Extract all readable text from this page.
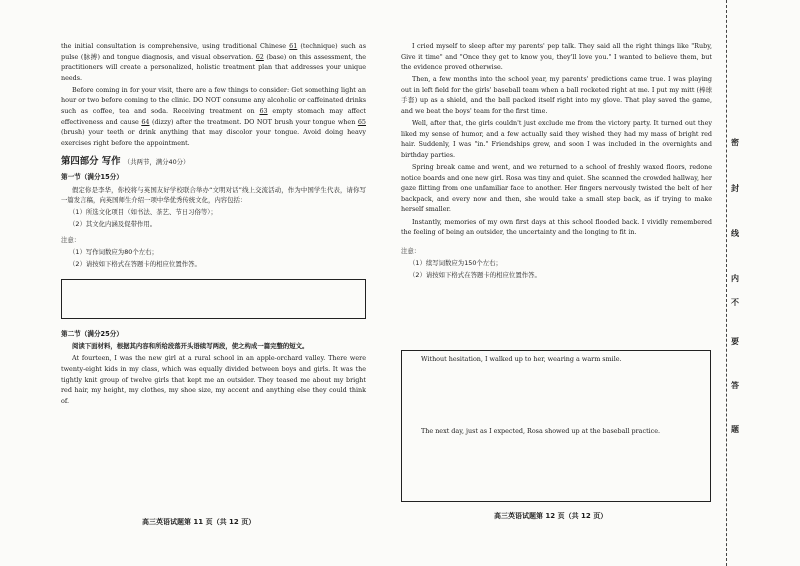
the initial consultation is comprehensive, using traditional Chinese 61 (technique) such as pulse (脉搏) and tongue diagnosis, and visual observation. 62 (base) on this assessment, the practitioners will create a personalized, holistic treatment plan that addresses your unique needs.

Before coming in for your visit, there are a few things to consider: Get something light an hour or two before coming to the clinic. DO NOT consume any alcoholic or caffeinated drinks such as coffee, tea and soda. Receiving treatment on 63 empty stomach may affect effectiveness and cause 64 (dizzy) after the treatment. DO NOT brush your tongue when 65 (brush) your teeth or drink anything that may discolor your tongue. Avoid doing heavy exercises right before the appointment.

第四部分 写作 （共两节，满分40分）

第一节（满分15分）

假定你是李华，你校将与英国友好学校联合举办“文明对话”线上交流活动，作为中国学生代表，请你写一篇发言稿，向英国师生介绍一项中华优秀传统文化，内容包括：

（1）所选文化项目（如书法、茶艺、节日习俗等）；

（2）其文化内涵及促带作用。

注意：

（1）写作词数应为80个左右；

（2）请按如下格式在答题卡的相应位置作答。

第二节（满分25分）

阅读下面材料，根据其内容和所给段落开头语续写两段，使之构成一篇完整的短文。

At fourteen, I was the new girl at a rural school in an apple-orchard valley. There were twenty-eight kids in my class, which was equally divided between boys and girls. It was the tightly knit group of twelve girls that kept me an outsider. They teased me about my bright red hair, my height, my clothes, my shoe size, my accent and anything else they could think of.

高三英语试题第 11 页（共 12 页）

I cried myself to sleep after my parents' pep talk. They said all the right things like "Ruby, Give it time" and "Once they get to know you, they'll love you." I wanted to believe them, but the evidence proved otherwise.

Then, a few months into the school year, my parents' predictions came true. I was playing out in left field for the girls' baseball team when a ball rocketed right at me. I put my mitt (棒球手套) up as a shield, and the ball packed itself right into my glove. That play saved the game, and we beat the boys' team for the first time.

Well, after that, the girls couldn't just exclude me from the victory party. It turned out they liked my sense of humor, and a few actually said they wished they had my mass of bright red hair. Suddenly, I was "in." Friendships grew, and soon I was included in the overnights and birthday parties.

Spring break came and went, and we returned to a school of freshly waxed floors, redone notice boards and one new girl. Rosa was tiny and quiet. She scanned the crowded hallway, her gaze flitting from one unfamiliar face to another. Her fingers nervously twisted the belt of her backpack, and every now and then, she would take a small step back, as if trying to make herself smaller.

Instantly, memories of my own first days at this school flooded back. I vividly remembered the feeling of being an outsider, the uncertainty and the longing to fit in.

注意：

（1）续写词数应为150个左右；

（2）请按如下格式在答题卡的相应位置作答。

Without hesitation, I walked up to her, wearing a warm smile.
The next day, just as I expected, Rosa showed up at the baseball practice.
高三英语试题第 12 页（共 12 页）
密
封
线
内
不
要
答
题
